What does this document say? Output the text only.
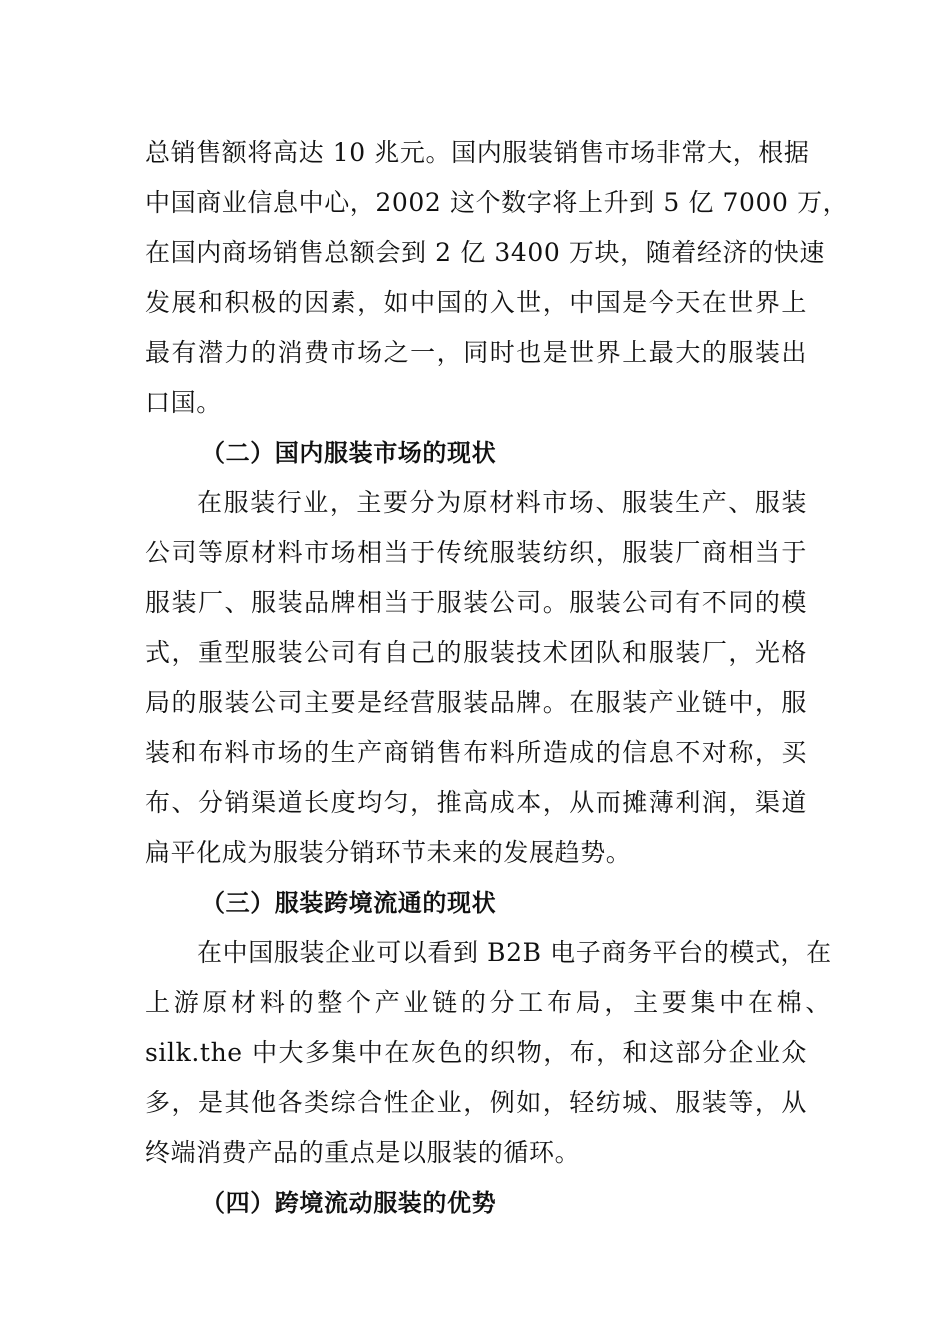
总销售额将高达 10 兆元。国内服装销售市场非常大，根据
中国商业信息中心，2002 这个数字将上升到 5 亿 7000 万，
在国内商场销售总额会到 2 亿 3400 万块，随着经济的快速
发展和积极的因素，如中国的入世，中国是今天在世界上
最有潜力的消费市场之一，同时也是世界上最大的服装出
口国。
（二）国内服装市场的现状
在服装行业，主要分为原材料市场、服装生产、服装
公司等原材料市场相当于传统服装纺织，服装厂商相当于
服装厂、服装品牌相当于服装公司。服装公司有不同的模
式，重型服装公司有自己的服装技术团队和服装厂，光格
局的服装公司主要是经营服装品牌。在服装产业链中，服
装和布料市场的生产商销售布料所造成的信息不对称，买
布、分销渠道长度均匀，推高成本，从而摊薄利润，渠道
扁平化成为服装分销环节未来的发展趋势。
（三）服装跨境流通的现状
在中国服装企业可以看到 B2B 电子商务平台的模式，在
上游原材料的整个产业链的分工布局，主要集中在棉、
silk.the 中大多集中在灰色的织物，布，和这部分企业众
多，是其他各类综合性企业，例如，轻纺城、服装等，从
终端消费产品的重点是以服装的循环。
（四）跨境流动服装的优势
